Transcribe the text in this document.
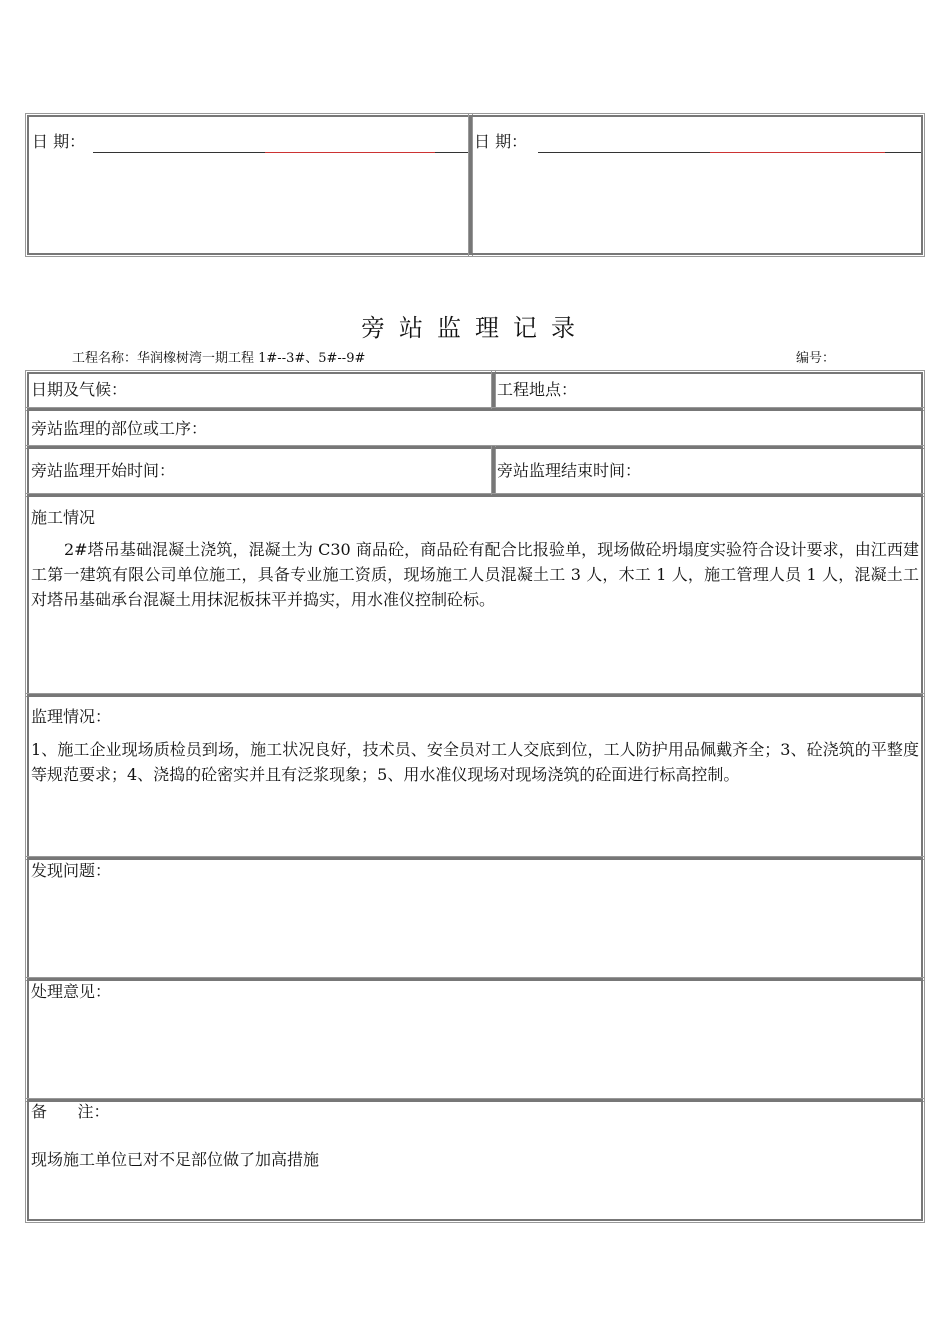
日 期：	日 期：
旁站监理记录
工程名称：华润橡树湾一期工程 1#--3#、5#--9#	编号：
日期及气候：	工程地点：
旁站监理的部位或工序：
旁站监理开始时间：	旁站监理结束时间：
施工情况
2#塔吊基础混凝土浇筑，混凝土为 C30 商品砼，商品砼有配合比报验单，现场做砼坍塌度实验符合设计要求，由江西建工第一建筑有限公司单位施工，具备专业施工资质，现场施工人员混凝土工 3 人，木工 1 人，施工管理人员 1 人，混凝土工对塔吊基础承台混凝土用抹泥板抹平并捣实，用水准仪控制砼标。
监理情况：
1、施工企业现场质检员到场，施工状况良好，技术员、安全员对工人交底到位，工人防护用品佩戴齐全；3、砼浇筑的平整度等规范要求；4、浇捣的砼密实并且有泛浆现象；5、用水准仪现场对现场浇筑的砼面进行标高控制。
发现问题：
处理意见：
备      注：
现场施工单位已对不足部位做了加高措施
